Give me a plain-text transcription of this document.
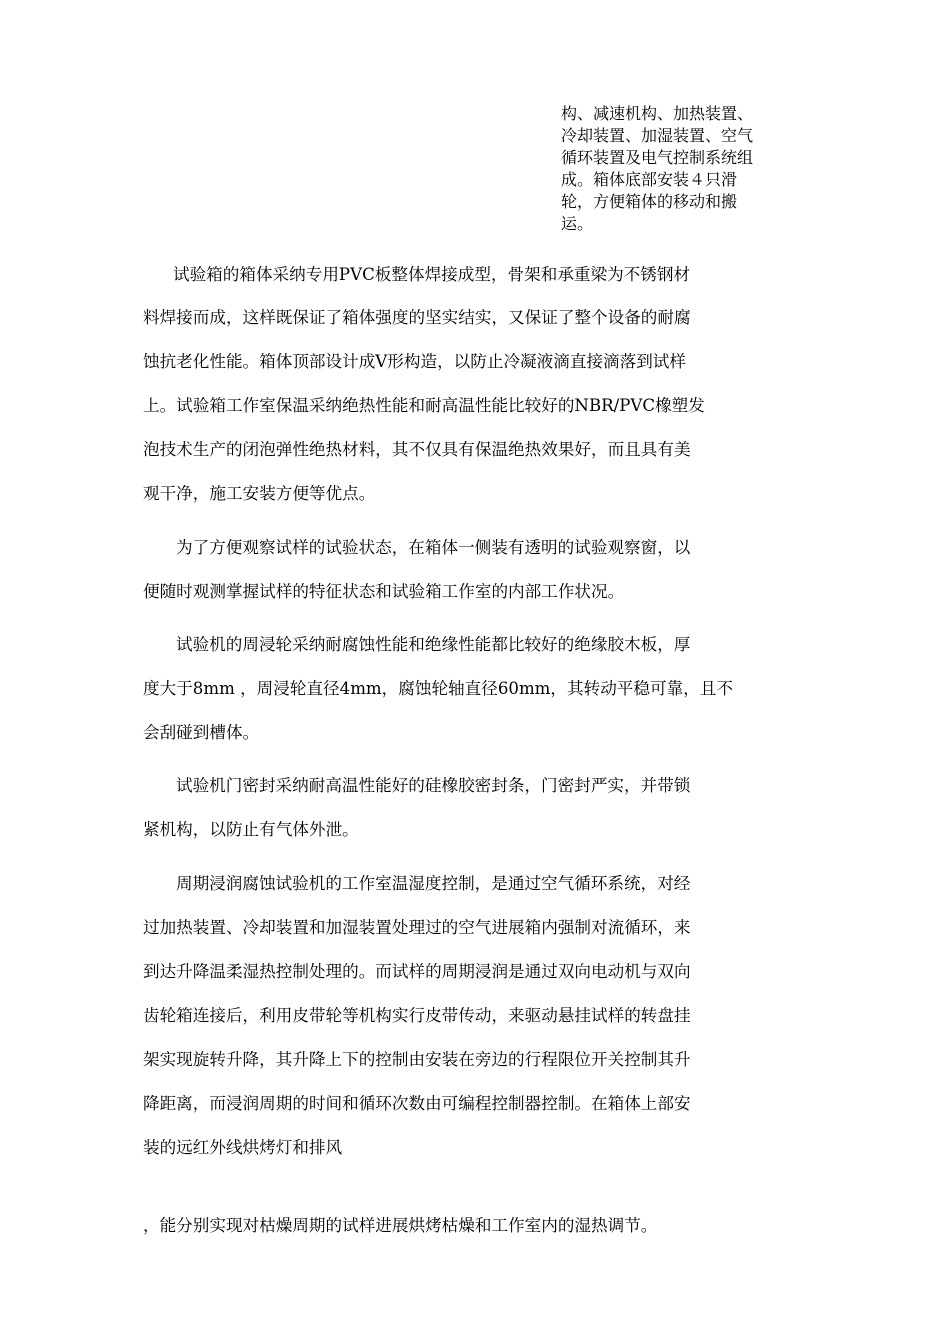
构、减速机构、加热装置、
冷却装置、加湿装置、空气
循环装置及电气控制系统组
成。箱体底部安装４只滑
轮，方便箱体的移动和搬
运。
试验箱的箱体采纳专用PVC板整体焊接成型，骨架和承重梁为不锈钢材
料焊接而成，这样既保证了箱体强度的坚实结实，又保证了整个设备的耐腐
蚀抗老化性能。箱体顶部设计成V形构造，以防止冷凝液滴直接滴落到试样
上。试验箱工作室保温采纳绝热性能和耐高温性能比较好的NBR/PVC橡塑发
泡技术生产的闭泡弹性绝热材料，其不仅具有保温绝热效果好，而且具有美
观干净，施工安装方便等优点。
为了方便观察试样的试验状态，在箱体一侧装有透明的试验观察窗，以
便随时观测掌握试样的特征状态和试验箱工作室的内部工作状况。
试验机的周浸轮采纳耐腐蚀性能和绝缘性能都比较好的绝缘胶木板，厚
度大于8mm ，周浸轮直径4mm，腐蚀轮轴直径60mm，其转动平稳可靠，且不
会刮碰到槽体。
试验机门密封采纳耐高温性能好的硅橡胶密封条，门密封严实，并带锁
紧机构，以防止有气体外泄。
周期浸润腐蚀试验机的工作室温湿度控制，是通过空气循环系统，对经
过加热装置、冷却装置和加湿装置处理过的空气进展箱内强制对流循环，来
到达升降温柔湿热控制处理的。而试样的周期浸润是通过双向电动机与双向
齿轮箱连接后，利用皮带轮等机构实行皮带传动，来驱动悬挂试样的转盘挂
架实现旋转升降，其升降上下的控制由安装在旁边的行程限位开关控制其升
降距离，而浸润周期的时间和循环次数由可编程控制器控制。在箱体上部安
装的远红外线烘烤灯和排风
，能分别实现对枯燥周期的试样进展烘烤枯燥和工作室内的湿热调节。
